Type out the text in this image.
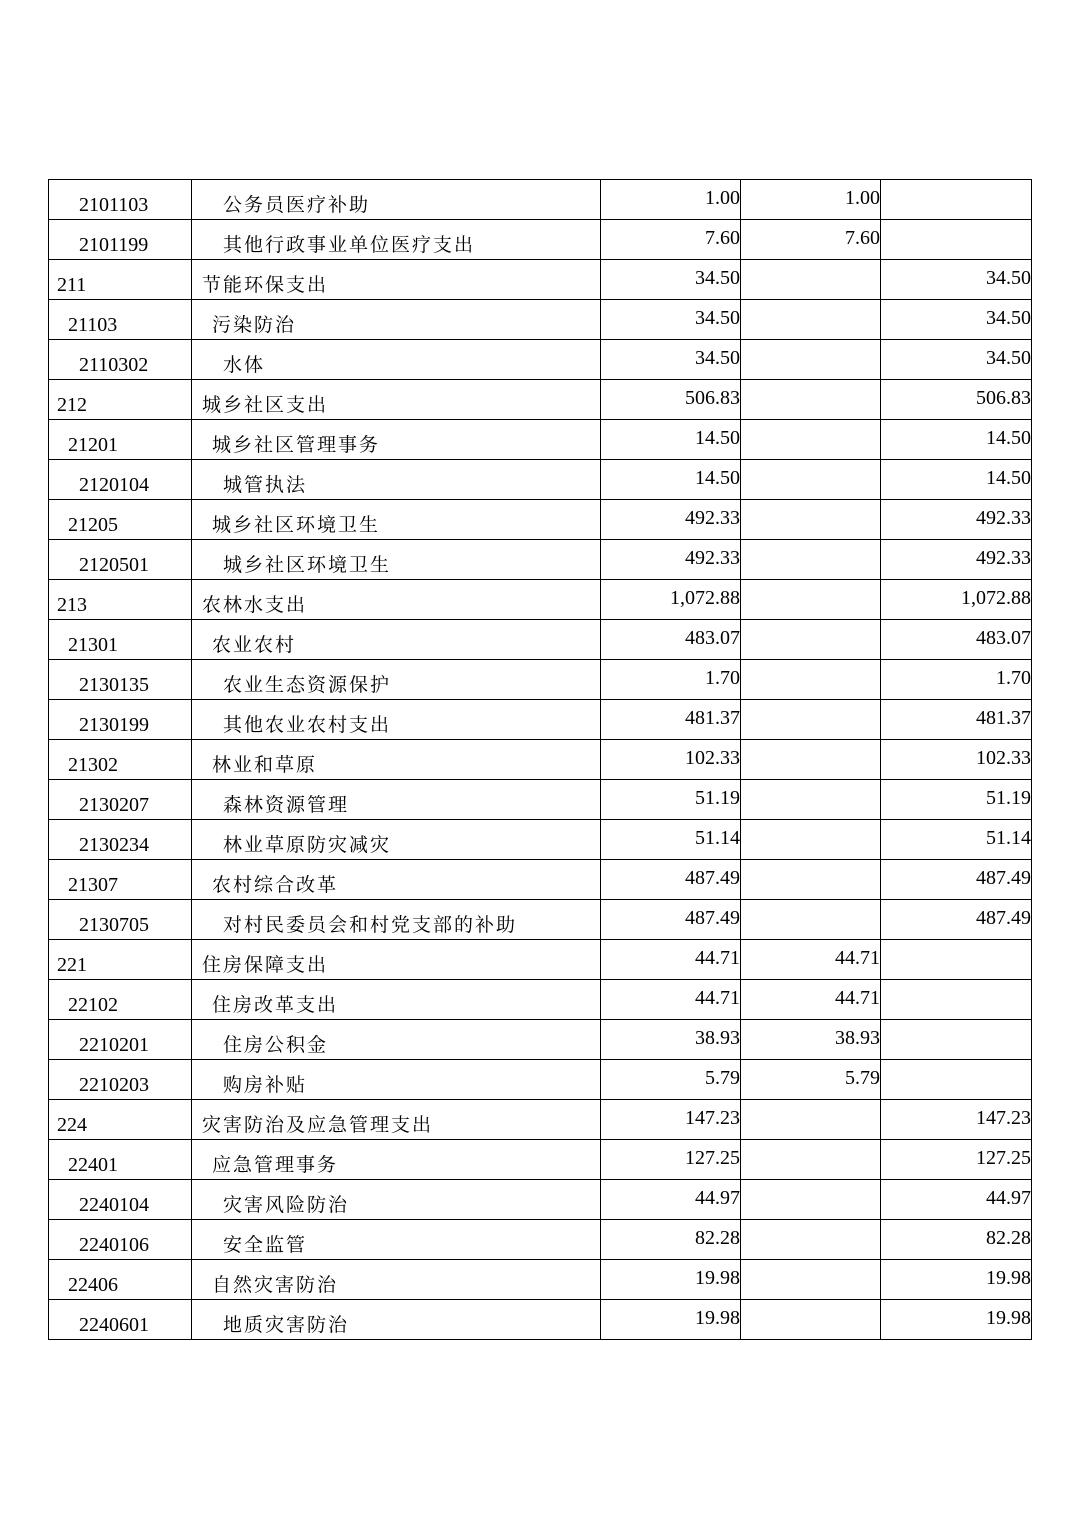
2101103	公务员医疗补助	1.00	1.00	
2101199	其他行政事业单位医疗支出	7.60	7.60	
211	节能环保支出	34.50		34.50
21103	污染防治	34.50		34.50
2110302	水体	34.50		34.50
212	城乡社区支出	506.83		506.83
21201	城乡社区管理事务	14.50		14.50
2120104	城管执法	14.50		14.50
21205	城乡社区环境卫生	492.33		492.33
2120501	城乡社区环境卫生	492.33		492.33
213	农林水支出	1,072.88		1,072.88
21301	农业农村	483.07		483.07
2130135	农业生态资源保护	1.70		1.70
2130199	其他农业农村支出	481.37		481.37
21302	林业和草原	102.33		102.33
2130207	森林资源管理	51.19		51.19
2130234	林业草原防灾减灾	51.14		51.14
21307	农村综合改革	487.49		487.49
2130705	对村民委员会和村党支部的补助	487.49		487.49
221	住房保障支出	44.71	44.71	
22102	住房改革支出	44.71	44.71	
2210201	住房公积金	38.93	38.93	
2210203	购房补贴	5.79	5.79	
224	灾害防治及应急管理支出	147.23		147.23
22401	应急管理事务	127.25		127.25
2240104	灾害风险防治	44.97		44.97
2240106	安全监管	82.28		82.28
22406	自然灾害防治	19.98		19.98
2240601	地质灾害防治	19.98		19.98
